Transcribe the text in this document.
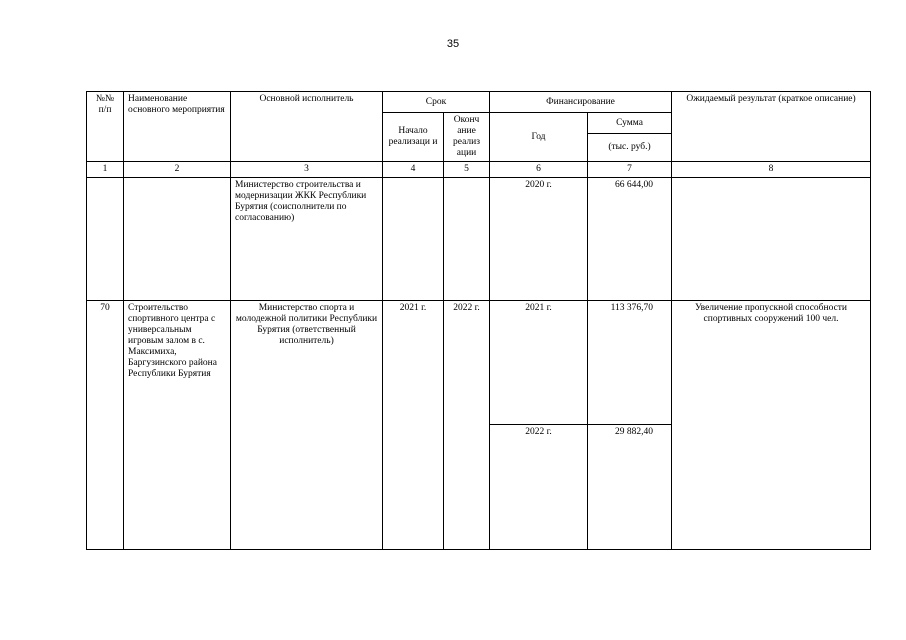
35
№№ п/п	Наименование основного мероприятия	Основной исполнитель	Срок		Финансирование		Ожидаемый результат (краткое описание)
			Начало реализаци и	Оконч ание реализ ации	Год	Сумма	
						(тыс. руб.)	
1	2	3	4	5	6	7	8
		Министерство строительства и модернизации ЖКК Республики Бурятия (соисполнители по согласованию)			2020 г.	66 644,00	
70	Строительство спортивного центра с универсальным игровым залом в с. Максимиха, Баргузинского района Республики Бурятия	Министерство спорта и молодежной политики Республики Бурятия (ответственный исполнитель)	2021 г.	2022 г.	2021 г.	113 376,70	Увеличение пропускной способности спортивных сооружений 100 чел.
					2022 г.	29 882,40	
